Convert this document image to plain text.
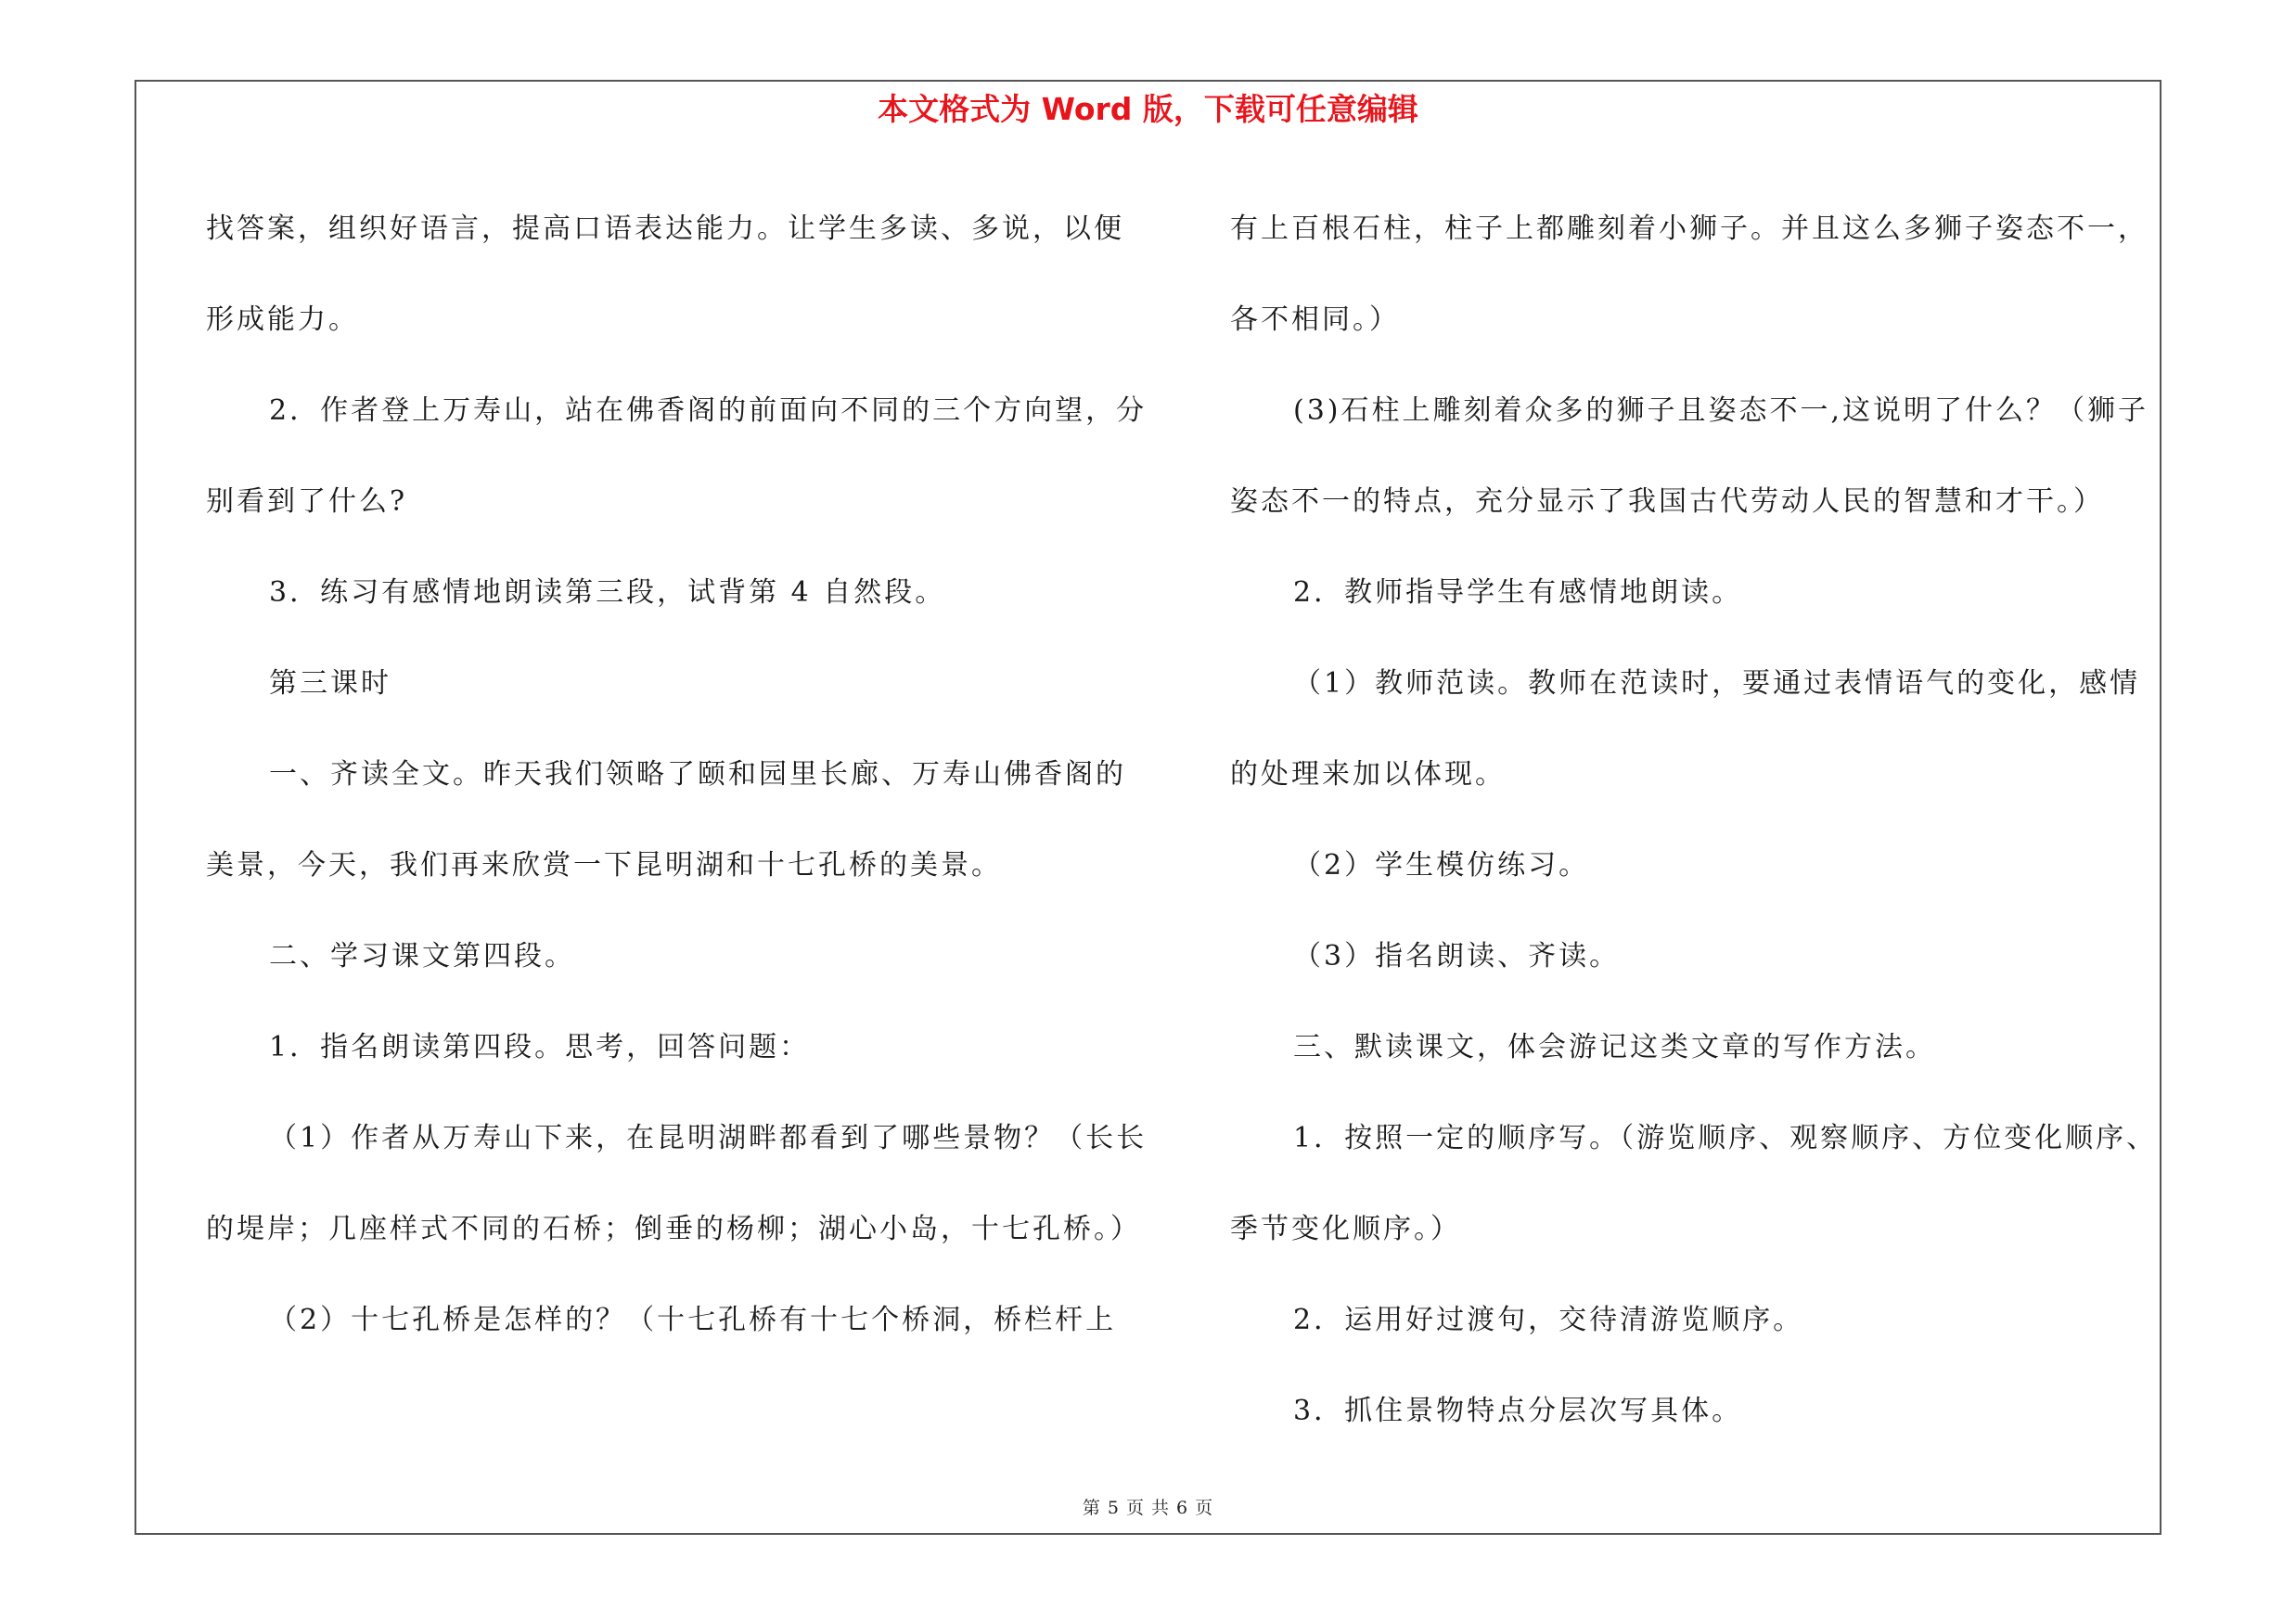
本文格式为 Word 版，下载可任意编辑

找答案，组织好语言，提高口语表达能力。让学生多读、多说，以便形成能力。

2．作者登上万寿山，站在佛香阁的前面向不同的三个方向望，分别看到了什么?

3．练习有感情地朗读第三段，试背第 4 自然段。

第三课时

一、齐读全文。昨天我们领略了颐和园里长廊、万寿山佛香阁的美景，今天，我们再来欣赏一下昆明湖和十七孔桥的美景。

二、学习课文第四段。

1．指名朗读第四段。思考，回答问题：

（1）作者从万寿山下来，在昆明湖畔都看到了哪些景物？（长长的堤岸；几座样式不同的石桥；倒垂的杨柳；湖心小岛，十七孔桥。）

（2）十七孔桥是怎样的？（十七孔桥有十七个桥洞，桥栏杆上

有上百根石柱，柱子上都雕刻着小狮子。并且这么多狮子姿态不一，各不相同。）

(3)石柱上雕刻着众多的狮子且姿态不一,这说明了什么？（狮子姿态不一的特点，充分显示了我国古代劳动人民的智慧和才干。）

2．教师指导学生有感情地朗读。

（1）教师范读。教师在范读时，要通过表情语气的变化，感情的处理来加以体现。

（2）学生模仿练习。

（3）指名朗读、齐读。

三、默读课文，体会游记这类文章的写作方法。

1．按照一定的顺序写。（游览顺序、观察顺序、方位变化顺序、季节变化顺序。）

2．运用好过渡句，交待清游览顺序。

3．抓住景物特点分层次写具体。

第 5 页 共 6 页
